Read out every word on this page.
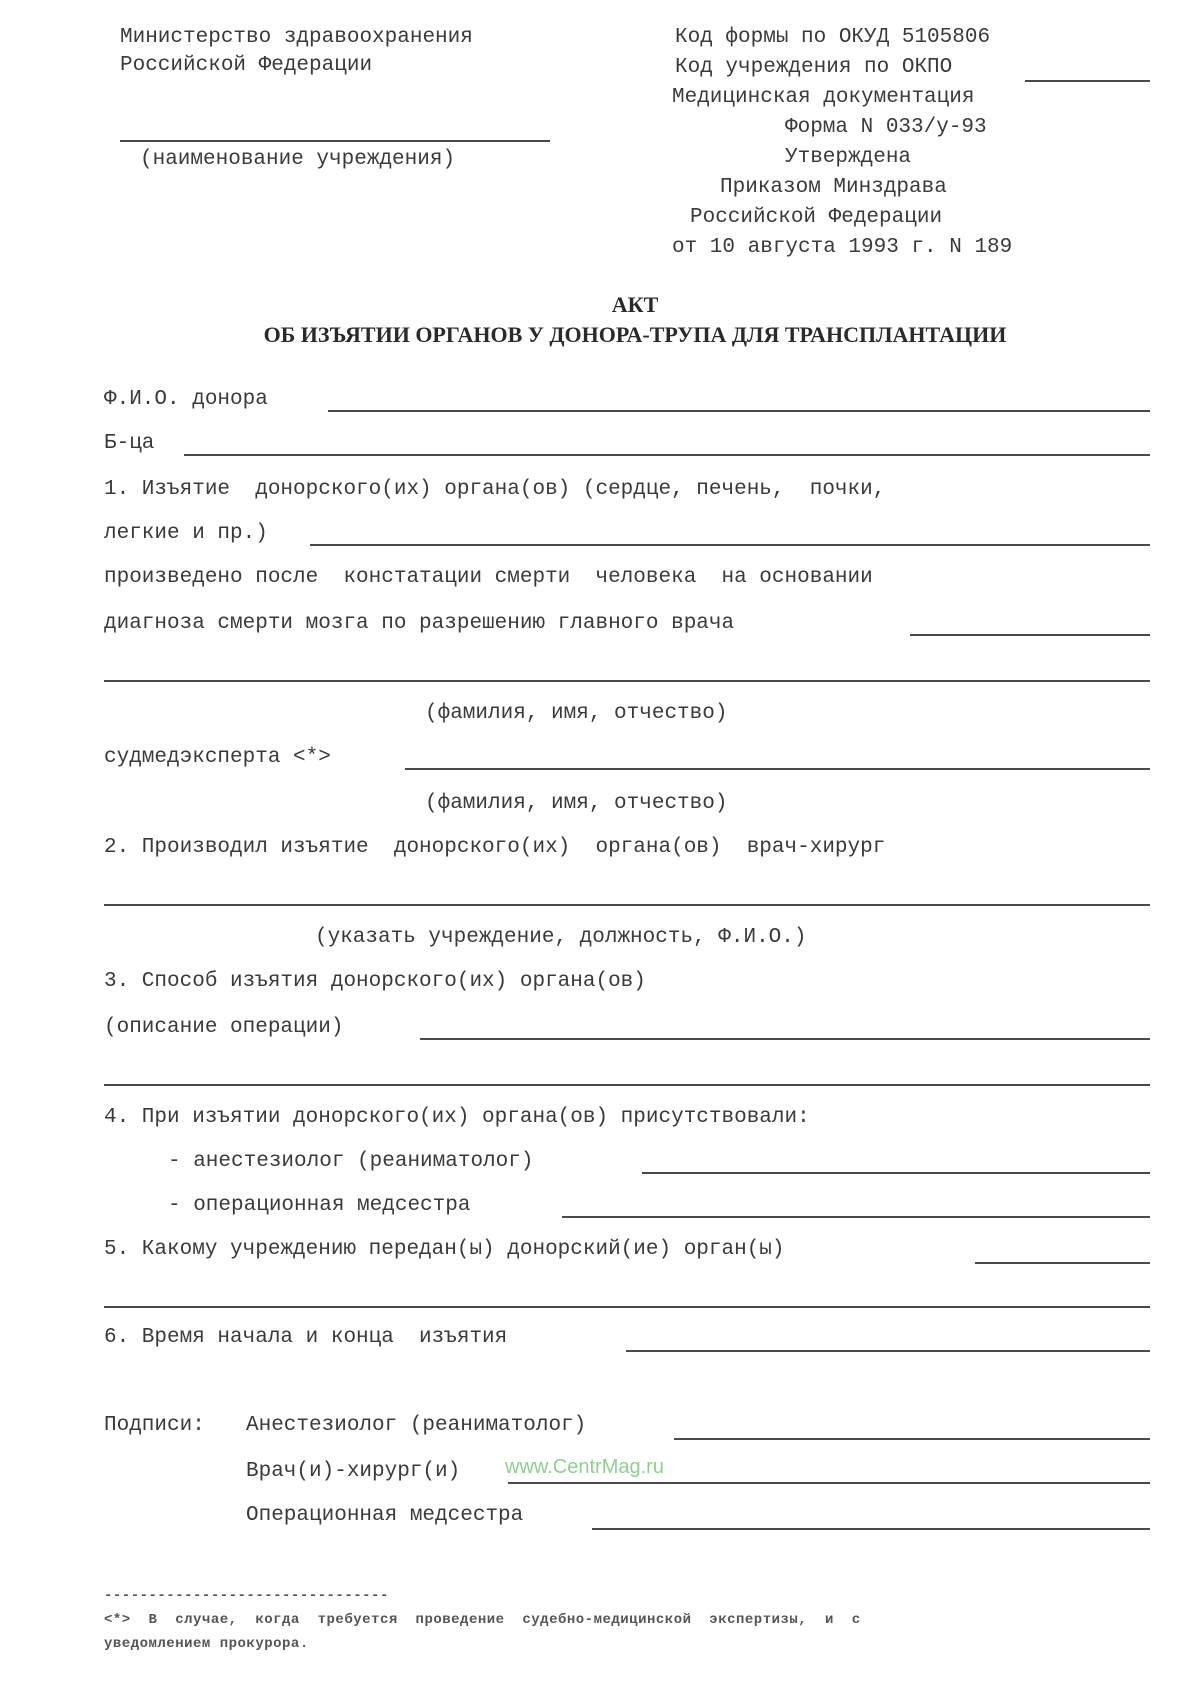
Министерство здравоохранения
Российской Федерации
(наименование учреждения)
Код формы по ОКУД 5105806
Код учреждения по ОКПО
Медицинская документация
Форма N 033/у-93
Утверждена
Приказом Минздрава
Российской Федерации
от 10 августа 1993 г. N 189
АКТ
ОБ ИЗЪЯТИИ ОРГАНОВ У ДОНОРА-ТРУПА ДЛЯ ТРАНСПЛАНТАЦИИ
Ф.И.О. донора
Б-ца
1. Изъятие  донорского(их) органа(ов) (сердце, печень,  почки,
легкие и пр.)
произведено после  констатации смерти  человека  на основании
диагноза смерти мозга по разрешению главного врача
(фамилия, имя, отчество)
судмедэксперта <*>
(фамилия, имя, отчество)
2. Производил изъятие  донорского(их)  органа(ов)  врач-хирург
(указать учреждение, должность, Ф.И.О.)
3. Способ изъятия донорского(их) органа(ов)
(описание операции)
4. При изъятии донорского(их) органа(ов) присутствовали:
- анестезиолог (реаниматолог)
- операционная медсестра
5. Какому учреждению передан(ы) донорский(ие) орган(ы)
6. Время начала и конца  изъятия
Подписи: Анестезиолог (реаниматолог)
Врач(и)-хирург(и) www.CentrMag.ru
Операционная медсестра
--------------------------------
<*>  В  случае,  когда  требуется  проведение  судебно-медицинской  экспертизы,  и  с
уведомлением прокурора.
